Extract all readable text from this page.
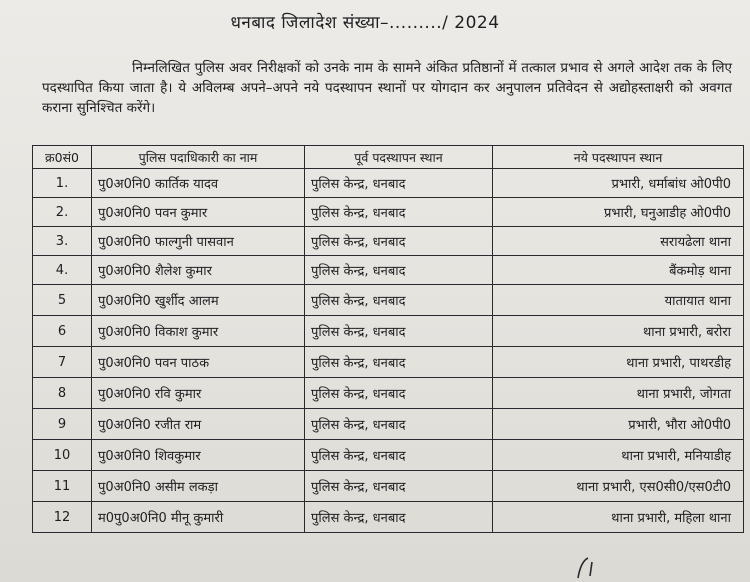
धनबाद जिलादेश संख्या–........./ 2024
निम्नलिखित पुलिस अवर निरीक्षकों को उनके नाम के सामने अंकित प्रतिष्ठानों में तत्काल प्रभाव से अगले आदेश तक के लिए पदस्थापित किया जाता है। ये अविलम्ब अपने–अपने नये पदस्थापन स्थानों पर योगदान कर अनुपालन प्रतिवेदन से अद्योहस्ताक्षरी को अवगत कराना सुनिश्चित करेंगे।
क्र0सं0	पुलिस पदाधिकारी का नाम	पूर्व पदस्थापन स्थान	नये पदस्थापन स्थान
1.	पु0अ0नि0 कार्तिक यादव	पुलिस केन्द्र, धनबाद	प्रभारी, धर्माबांध ओ0पी0
2.	पु0अ0नि0 पवन कुमार	पुलिस केन्द्र, धनबाद	प्रभारी, घनुआडीह ओ0पी0
3.	पु0अ0नि0 फाल्गुनी पासवान	पुलिस केन्द्र, धनबाद	सरायढेला थाना
4.	पु0अ0नि0 शैलेश कुमार	पुलिस केन्द्र, धनबाद	बैंकमोड़ थाना
5	पु0अ0नि0 खुर्शीद आलम	पुलिस केन्द्र, धनबाद	यातायात थाना
6	पु0अ0नि0 विकाश कुमार	पुलिस केन्द्र, धनबाद	थाना प्रभारी, बरोरा
7	पु0अ0नि0 पवन पाठक	पुलिस केन्द्र, धनबाद	थाना प्रभारी, पाथरडीह
8	पु0अ0नि0 रवि कुमार	पुलिस केन्द्र, धनबाद	थाना प्रभारी, जोगता
9	पु0अ0नि0 रजीत राम	पुलिस केन्द्र, धनबाद	प्रभारी, भौरा ओ0पी0
10	पु0अ0नि0 शिवकुमार	पुलिस केन्द्र, धनबाद	थाना प्रभारी, मनियाडीह
11	पु0अ0नि0 असीम लकड़ा	पुलिस केन्द्र, धनबाद	थाना प्रभारी, एस0सी0/एस0टी0
12	म0पु0अ0नि0 मीनू कुमारी	पुलिस केन्द्र, धनबाद	थाना प्रभारी, महिला थाना
